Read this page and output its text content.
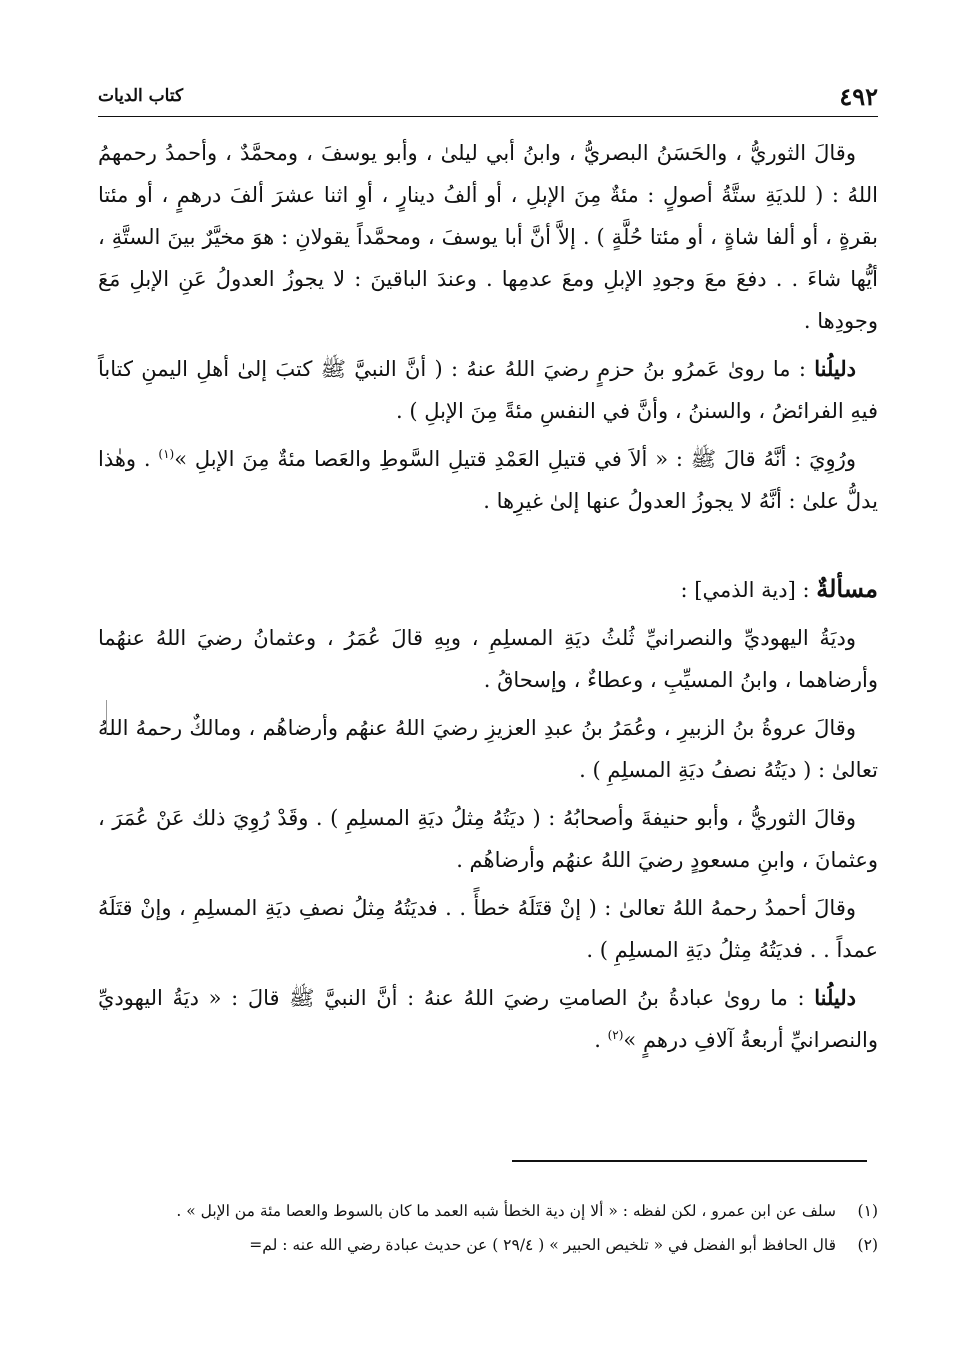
٤٩٢
كتاب الديات

وقالَ الثوريُّ ، والحَسَنُ البصريُّ ، وابنُ أبي ليلىٰ ، وأبو يوسفَ ، ومحمَّدٌ ، وأحمدُ رحمهمُ اللهُ : ( للديَةِ ستَّةُ أصولٍ : مئةٌ مِنَ الإبلِ ، أو ألفُ دينارٍ ، أوِ اثنا عشرَ ألفَ درهمٍ ، أو مئتا بقرةٍ ، أو ألفا شاةٍ ، أو مئتا حُلَّةٍ ) . إلاَّ أنَّ أبا يوسفَ ، ومحمَّداً يقولانِ : هوَ مخيَّرٌ بينَ الستَّةِ ، أيُّها شاءَ . . دفعَ معَ وجودِ الإبلِ ومعَ عدمِها . وعندَ الباقينَ : لا يجوزُ العدولُ عَنِ الإبلِ مَعَ وجودِها .

دليلُنا : ما روىٰ عَمرُو بنُ حزمٍ رضيَ اللهُ عنهُ : ( أنَّ النبيَّ ﷺ كتبَ إلىٰ أهلِ اليمنِ كتاباً فيهِ الفرائضُ ، والسننُ ، وأنَّ في النفسِ مئةً مِنَ الإبلِ ) .

ورُوِيَ : أنَّهُ قالَ ﷺ : « ألاَ في قتيلِ العَمْدِ قتيلِ السَّوطِ والعَصا مئةٌ مِنَ الإبلِ »$^{(١)}$ . وهٰذا يدلُّ علىٰ : أنَّهُ لا يجوزُ العدولُ عنها إلىٰ غيرِها .

مسألةٌ : [دية الذمي] :

وديَةُ اليهوديِّ والنصرانيِّ ثُلثُ ديَةِ المسلِمِ ، وبِهِ قالَ عُمَرُ ، وعثمانُ رضيَ اللهُ عنهُما وأرضاهما ، وابنُ المسيِّبِ ، وعطاءٌ ، وإسحاقُ .

وقالَ عروةُ بنُ الزبيرِ ، وعُمَرُ بنُ عبدِ العزيزِ رضيَ اللهُ عنهُم وأرضاهُم ، ومالكٌ رحمهُ اللهُ تعالىٰ : ( ديَتُهُ نصفُ ديَةِ المسلِمِ ) .

وقالَ الثوريُّ ، وأبو حنيفةَ وأصحابُهُ : ( ديَتُهُ مِثلُ ديَةِ المسلِمِ ) . وقَدْ رُوِيَ ذلك عَنْ عُمَرَ ، وعثمانَ ، وابنِ مسعودٍ رضيَ اللهُ عنهُم وأرضاهُم .

وقالَ أحمدُ رحمهُ اللهُ تعالىٰ : ( إنْ قتَلَهُ خطأً . . فديَتُهُ مِثلُ نصفِ ديَةِ المسلِمِ ، وإنْ قتَلَهُ عمداً . . فديَتُهُ مِثلُ ديَةِ المسلِمِ ) .

دليلُنا : ما روىٰ عبادةُ بنُ الصامتِ رضيَ اللهُ عنهُ : أنَّ النبيَّ ﷺ قالَ : « ديَةُ اليهوديِّ والنصرانيِّ أربعةُ آلافِ درهمٍ »$^{(٢)}$ .

(١)
سلف عن ابن عمرو ، لكن لفظه : « ألا إن دية الخطأ شبه العمد ما كان بالسوط والعصا مئة من الإبل » .
(٢)
قال الحافظ أبو الفضل في « تلخيص الحبير » ( ٢٩/٤ ) عن حديث عبادة رضي الله عنه : لم=
